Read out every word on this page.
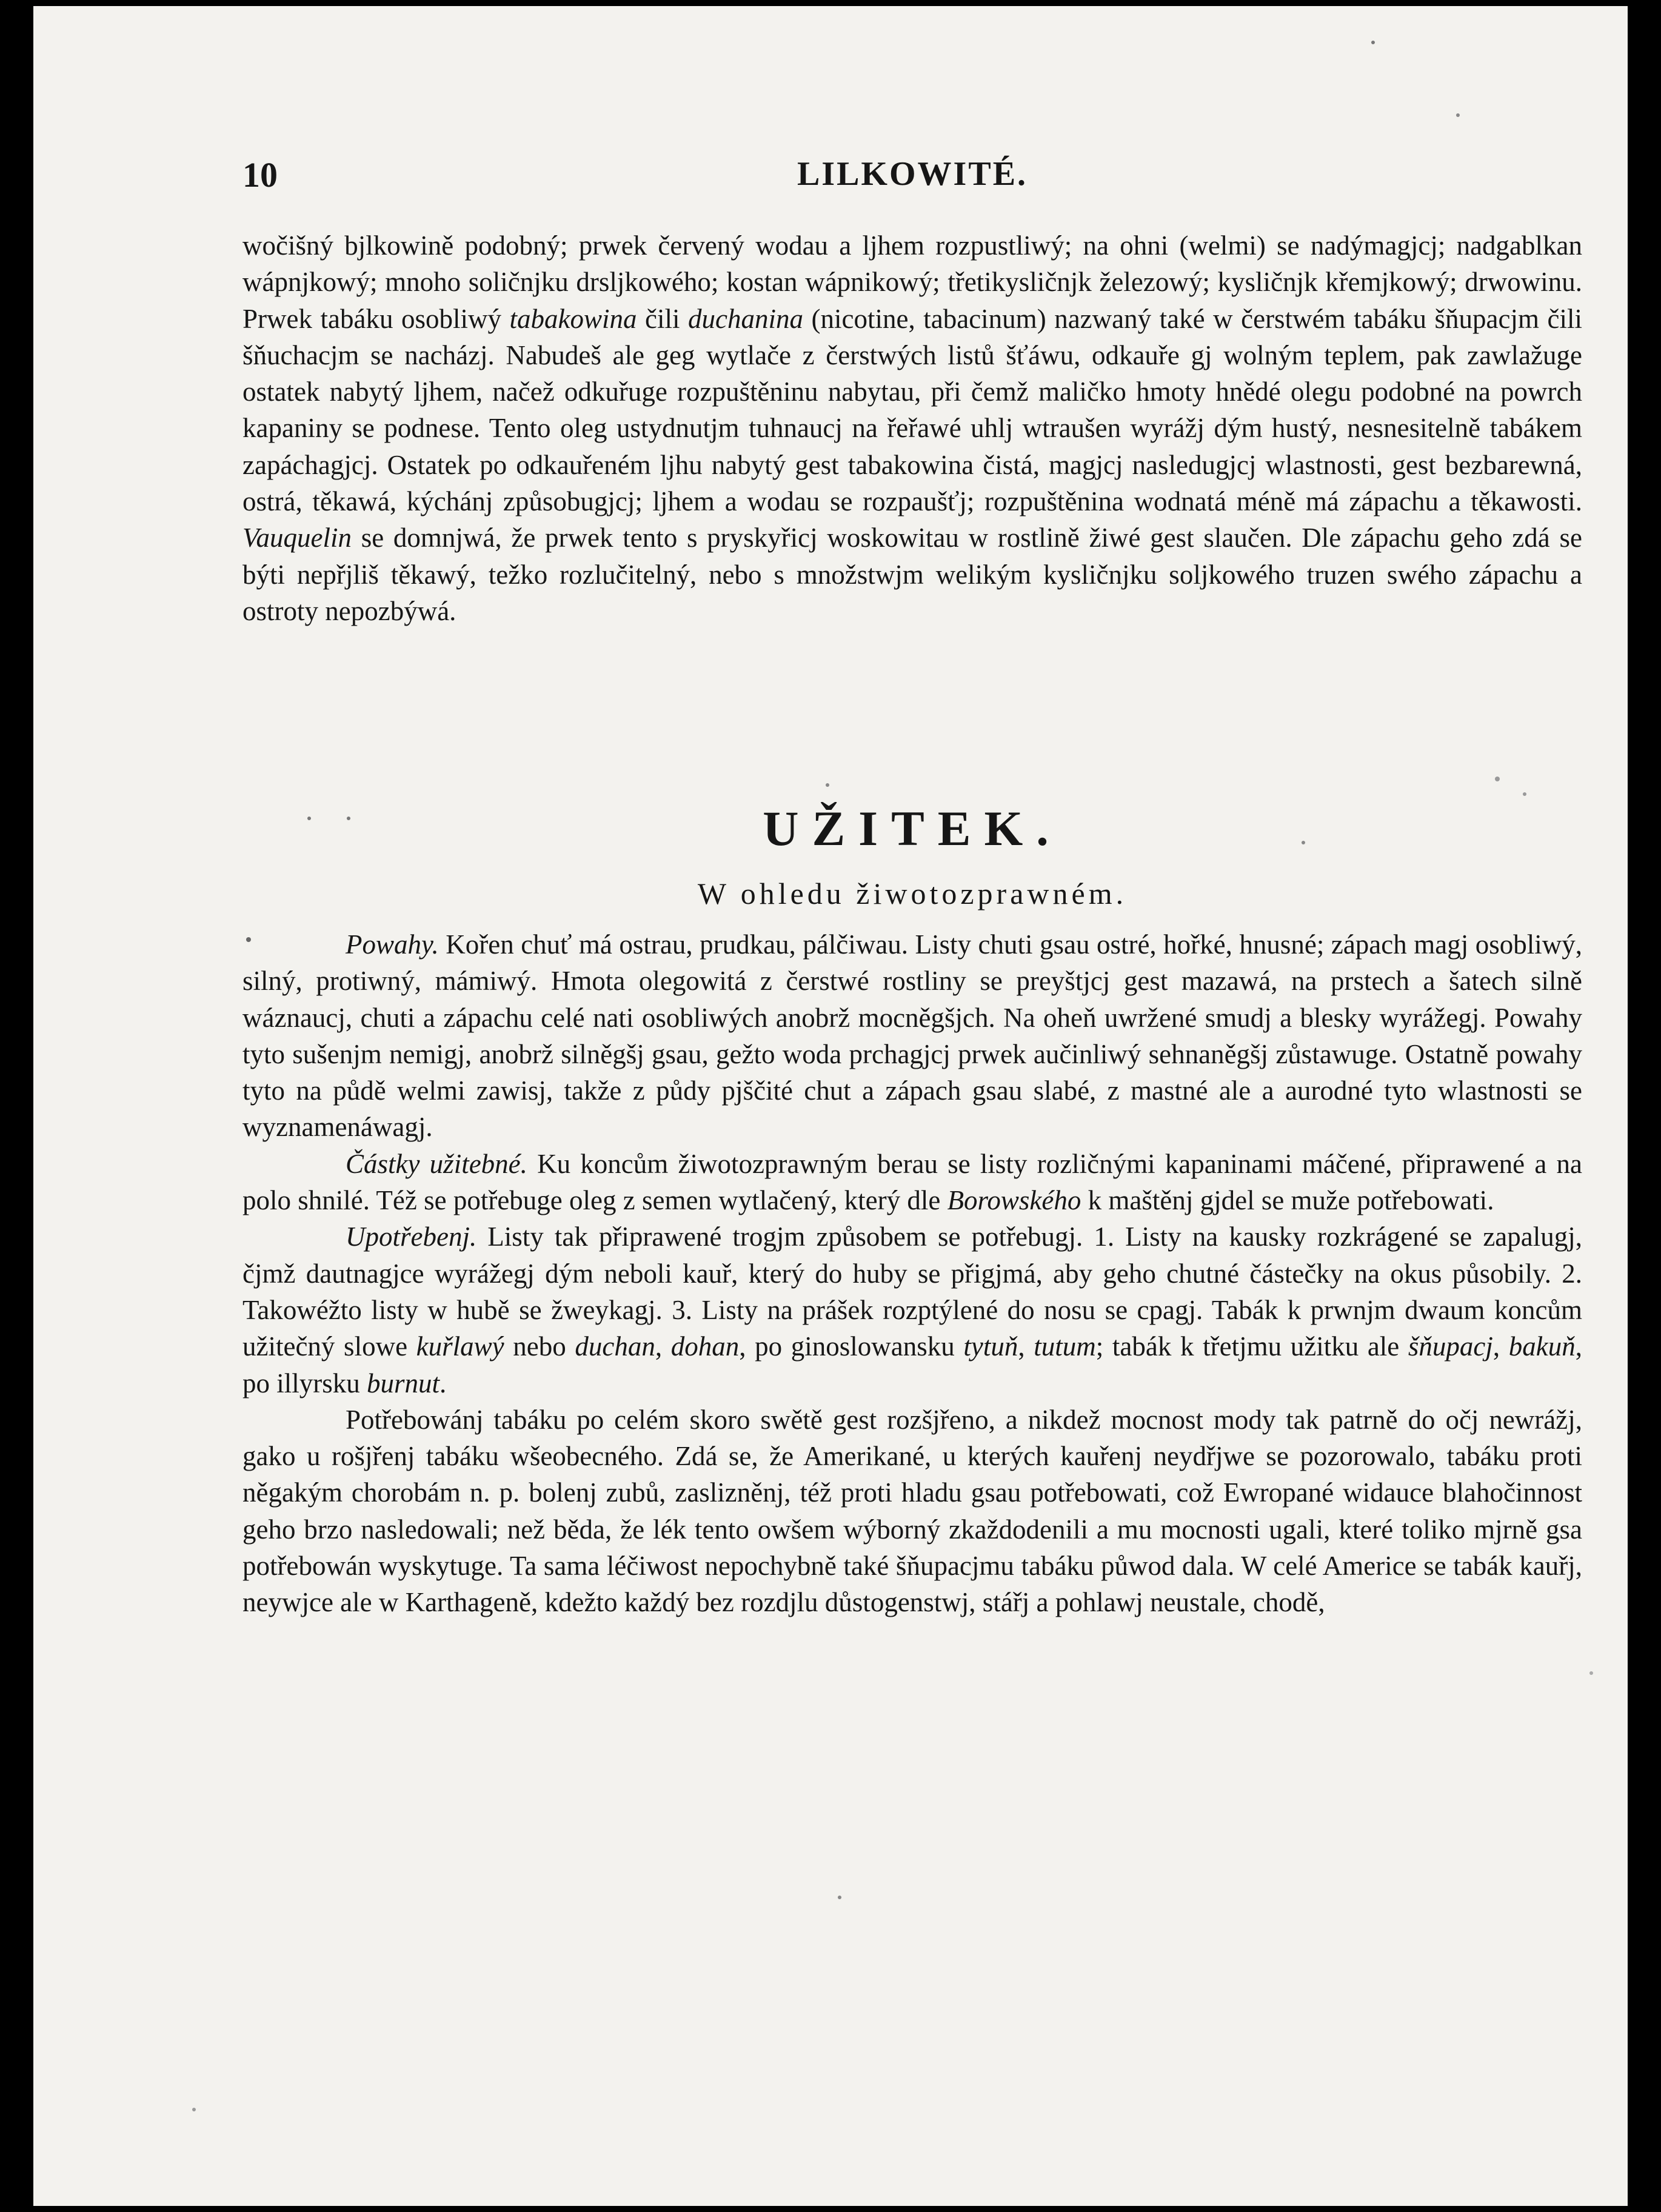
10	LILKOWITÉ.

wočišný bjlkowině podobný; prwek červený wodau a ljhem rozpustliwý; na ohni (welmi) se nadýmagjcj; nadgablkan wápnjkowý; mnoho soličnjku drsljkowého; kostan wápnikowý; třetikysličnjk železowý; kysličnjk křemjkowý; drwowinu. Prwek tabáku osobliwý tabakowina čili duchanina (nicotine, tabacinum) nazwaný také w čerstwém tabáku šňupacjm čili šňuchacjm se nacházj. Nabudeš ale geg wytlače z čerstwých listů šťáwu, odkauře gj wolným teplem, pak zawlažuge ostatek nabytý ljhem, načež odkuřuge rozpuštěninu nabytau, při čemž maličko hmoty hnědé olegu podobné na powrch kapaniny se podnese. Tento oleg ustydnutjm tuhnaucj na řeřawé uhlj wtraušen wyrážj dým hustý, nesnesitelně tabákem zapáchagjcj. Ostatek po odkauřeném ljhu nabytý gest tabakowina čistá, magjcj nasledugjcj wlastnosti, gest bezbarewná, ostrá, těkawá, kýchánj způsobugjcj; ljhem a wodau se rozpaušťj; rozpuštěnina wodnatá méně má zápachu a těkawosti. Vauquelin se domnjwá, že prwek tento s pryskyřicj woskowitau w rostlině žiwé gest slaučen. Dle zápachu geho zdá se býti nepřjliš těkawý, težko rozlučitelný, nebo s množstwjm welikým kysličnjku soljkowého truzen swého zápachu a ostroty nepozbýwá.

UŽITEK.
W ohledu žiwotozprawném.

Powahy. Kořen chuť má ostrau, prudkau, pálčiwau. Listy chuti gsau ostré, hořké, hnusné; zápach magj osobliwý, silný, protiwný, mámiwý. Hmota olegowitá z čerstwé rostliny se preyštjcj gest mazawá, na prstech a šatech silně wáznaucj, chuti a zápachu celé nati osobliwých anobrž mocněgšjch. Na oheň uwržené smudj a blesky wyrážegj. Powahy tyto sušenjm nemigj, anobrž silněgšj gsau, gežto woda prchagjcj prwek aučinliwý sehnaněgšj zůstawuge. Ostatně powahy tyto na půdě welmi zawisj, takže z půdy pjščité chut a zápach gsau slabé, z mastné ale a aurodné tyto wlastnosti se wyznamenáwagj.

Částky užitebné. Ku koncům žiwotozprawným berau se listy rozličnými kapaninami máčené, připrawené a na polo shnilé. Též se potřebuge oleg z semen wytlačený, který dle Borowského k maštěnj gjdel se muže potřebowati.

Upotřebenj. Listy tak připrawené trogjm způsobem se potřebugj. 1. Listy na kausky rozkrágené se zapalugj, čjmž dautnagjce wyrážegj dým neboli kauř, který do huby se přigjmá, aby geho chutné částečky na okus působily. 2. Takowéžto listy w hubě se žweykagj. 3. Listy na prášek rozptýlené do nosu se cpagj. Tabák k prwnjm dwaum koncům užitečný slowe kuřlawý nebo duchan, dohan, po ginoslowansku tytuň, tutum; tabák k třetjmu užitku ale šňupacj, bakuň, po illyrsku burnut.

Potřebowánj tabáku po celém skoro swětě gest rozšjřeno, a nikdež mocnost mody tak patrně do očj newrážj, gako u rošjřenj tabáku wšeobecného. Zdá se, že Amerikané, u kterých kauřenj neydřjwe se pozorowalo, tabáku proti něgakým chorobám n. p. bolenj zubů, zaslizněnj, též proti hladu gsau potřebowati, což Ewropané widauce blahočinnost geho brzo nasledowali; než běda, že lék tento owšem wýborný zkaždodenili a mu mocnosti ugali, které toliko mjrně gsa potřebowán wyskytuge. Ta sama léčiwost nepochybně také šňupacjmu tabáku půwod dala. W celé Americe se tabák kauřj, neywjce ale w Karthageně, kdežto každý bez rozdjlu důstogenstwj, stářj a pohlawj neustale, chodě,
